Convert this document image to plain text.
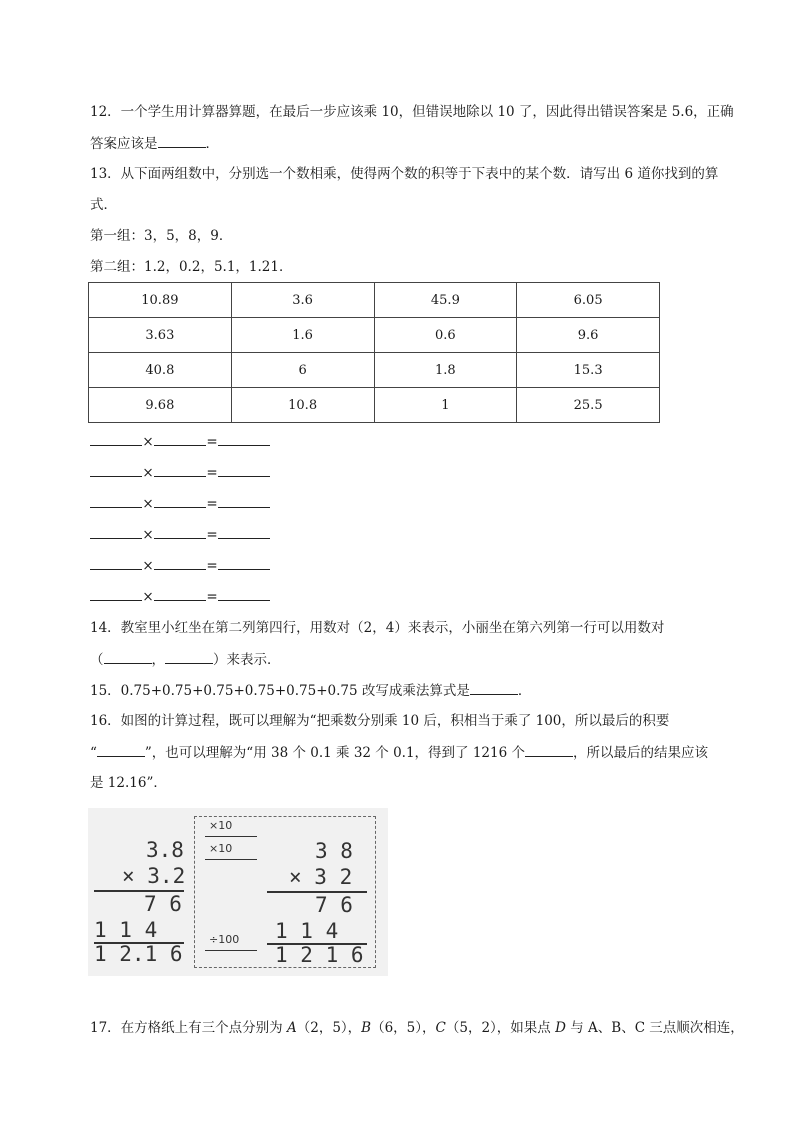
12．一个学生用计算器算题，在最后一步应该乘 10，但错误地除以 10 了，因此得出错误答案是 5.6，正确
答案应该是	．
13．从下面两组数中，分别选一个数相乘，使得两个数的积等于下表中的某个数．请写出 6 道你找到的算
式．
第一组：3，5，8，9．
第二组：1.2，0.2，5.1，1.21．
10.89	3.6	45.9	6.05
3.63	1.6	0.6	9.6
40.8	6	1.8	15.3
9.68	10.8	1	25.5
×	=
×	=
×	=
×	=
×	=
×	=
14．教室里小红坐在第二列第四行，用数对（2，4）来表示，小丽坐在第六列第一行可以用数对
（	，	）来表示．
15．0.75+0.75+0.75+0.75+0.75+0.75 改写成乘法算式是	．
16．如图的计算过程，既可以理解为“把乘数分别乘 10 后，积相当于乘了 100，所以最后的积要
“	”，也可以理解为“用 38 个 0.1 乘 32 个 0.1，得到了 1216 个	，所以最后的结果应该
是 12.16”．
3.8
× 3.2
7 6
1 1 4
1 2.1 6
×10
×10
÷100
3 8
× 3 2
7 6
1 1 4
1 2 1 6
17．在方格纸上有三个点分别为 A（2，5），B（6，5），C（5，2），如果点 D 与 A、B、C 三点顺次相连，
